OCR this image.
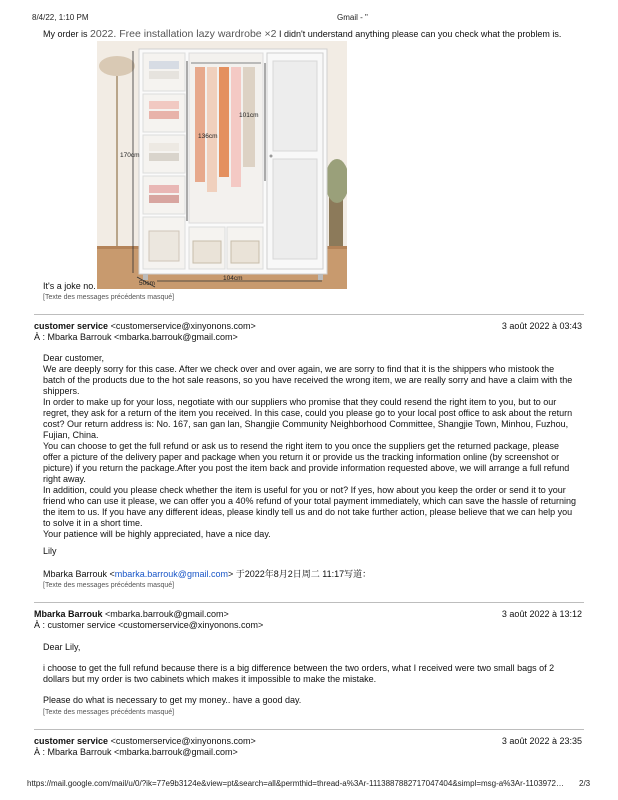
8/4/22, 1:10 PM	Gmail - "
My order is 2022. Free installation lazy wardrobe ×2 I didn't understand anything please can you check what the problem is.
170cm
104cm
50cm
136cm
101cm
It's a joke no.
[Texte des messages précédents masqué]
customer service <customerservice@xinyonons.com>	3 août 2022 à 03:43
À : Mbarka Barrouk <mbarka.barrouk@gmail.com>

Dear customer,

We are deeply sorry for this case. After we check over and over again, we are sorry to find that it is the shippers who mistook the batch of the products due to the hot sale reasons, so you have received the wrong item, we are really sorry and have a claim with the shippers.

In order to make up for your loss, negotiate with our suppliers who promise that they could resend the right item to you, but to our regret, they ask for a return of the item you received. In this case, could you please go to your local post office to ask about the return cost? Our return address is: No. 167, san gan lan, Shangjie Community Neighborhood Committee, Shangjie Town, Minhou, Fuzhou, Fujian, China.

You can choose to get the full refund or ask us to resend the right item to you once the suppliers get the returned package, please offer a picture of the delivery paper and package when you return it or provide us the tracking information online (by screenshot or picture) if you return the package.After you post the item back and provide information requested above, we will arrange a full refund right away.

In addition, could you please check whether the item is useful for you or not? If yes, how about you keep the order or send it to your friend who can use it please, we can offer you a 40% refund of your total payment immediately, which can save the hassle of returning the item to us. If you have any different ideas, please kindly tell us and do not take further action, please believe that we can help you to solve it in a short time.

Your patience will be highly appreciated, have a nice day.

Lily
Mbarka Barrouk <mbarka.barrouk@gmail.com> 于2022年8月2日周二 11:17写道：
[Texte des messages précédents masqué]
Mbarka Barrouk <mbarka.barrouk@gmail.com>	3 août 2022 à 13:12
À : customer service <customerservice@xinyonons.com>
Dear Lily,
i choose to get the full refund because there is a big difference between the two orders, what I received were two small bags of 2 dollars but my order is two cabinets which makes it impossible to make the mistake.
Please do what is necessary to get my money.. have a good day.
[Texte des messages précédents masqué]
customer service <customerservice@xinyonons.com>	3 août 2022 à 23:35
À : Mbarka Barrouk <mbarka.barrouk@gmail.com>
https://mail.google.com/mail/u/0/?ik=77e9b3124e&view=pt&search=all&permthid=thread-a%3Ar-1113887882717047404&simpl=msg-a%3Ar-1103972…	2/3
